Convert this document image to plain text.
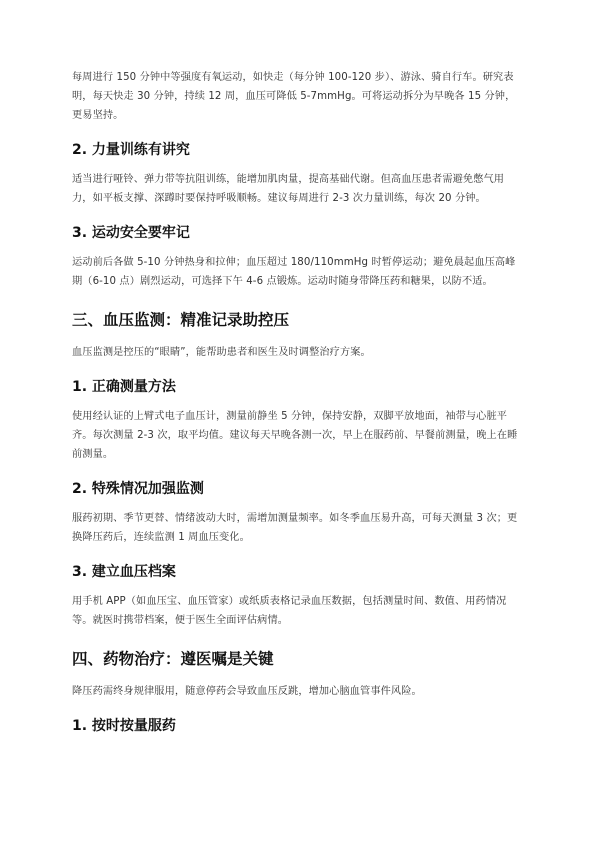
每周进行 150 分钟中等强度有氧运动，如快走（每分钟 100-120 步）、游泳、骑自行车。研究表明，每天快走 30 分钟，持续 12 周，血压可降低 5-7mmHg。可将运动拆分为早晚各 15 分钟，更易坚持。

2. 力量训练有讲究

适当进行哑铃、弹力带等抗阻训练，能增加肌肉量，提高基础代谢。但高血压患者需避免憋气用力，如平板支撑、深蹲时要保持呼吸顺畅。建议每周进行 2-3 次力量训练，每次 20 分钟。

3. 运动安全要牢记

运动前后各做 5-10 分钟热身和拉伸；血压超过 180/110mmHg 时暂停运动；避免晨起血压高峰期（6-10 点）剧烈运动，可选择下午 4-6 点锻炼。运动时随身带降压药和糖果，以防不适。

三、血压监测：精准记录助控压

血压监测是控压的“眼睛”，能帮助患者和医生及时调整治疗方案。

1. 正确测量方法

使用经认证的上臂式电子血压计，测量前静坐 5 分钟，保持安静，双脚平放地面，袖带与心脏平齐。每次测量 2-3 次，取平均值。建议每天早晚各测一次，早上在服药前、早餐前测量，晚上在睡前测量。

2. 特殊情况加强监测

服药初期、季节更替、情绪波动大时，需增加测量频率。如冬季血压易升高，可每天测量 3 次；更换降压药后，连续监测 1 周血压变化。

3. 建立血压档案

用手机 APP（如血压宝、血压管家）或纸质表格记录血压数据，包括测量时间、数值、用药情况等。就医时携带档案，便于医生全面评估病情。

四、药物治疗：遵医嘱是关键

降压药需终身规律服用，随意停药会导致血压反跳，增加心脑血管事件风险。

1. 按时按量服药
